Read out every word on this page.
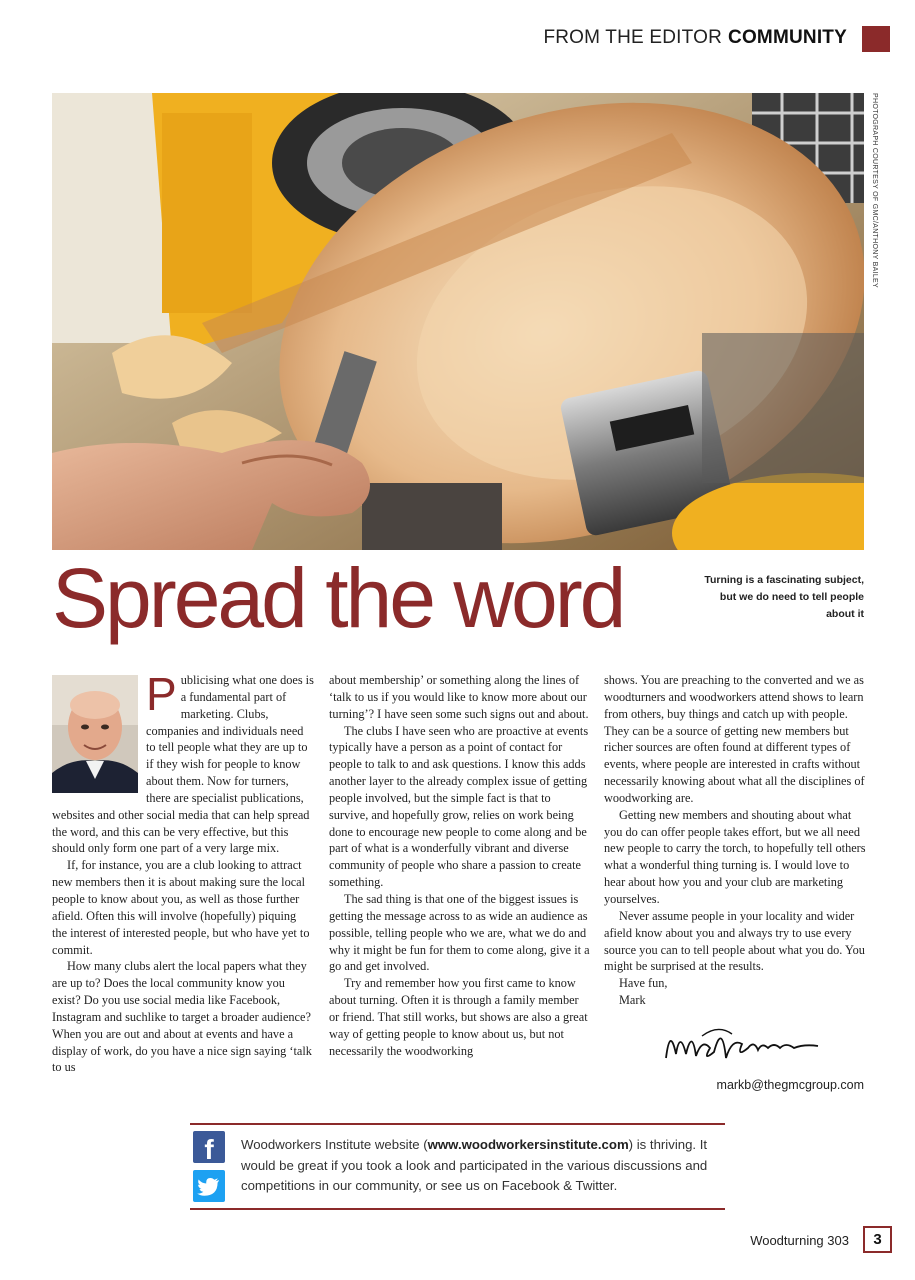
FROM THE EDITOR COMMUNITY
PHOTOGRAPH COURTESY OF GMC/ANTHONY BAILEY
Spread the word	Turning is a fascinating subject, but we do need to tell people about it
P ublicising what one does is a fundamental part of marketing. Clubs, companies and individuals need to tell people what they are up to if they wish for people to know about them. Now for turners, there are specialist publications, websites and other social media that can help spread the word, and this can be very effective, but this should only form one part of a very large mix.

If, for instance, you are a club looking to attract new members then it is about making sure the local people to know about you, as well as those further afield. Often this will involve (hopefully) piquing the interest of interested people, but who have yet to commit.

How many clubs alert the local papers what they are up to? Does the local community know you exist? Do you use social media like Facebook, Instagram and suchlike to target a broader audience? When you are out and about at events and have a display of work, do you have a nice sign saying ‘talk to us

about membership’ or something along the lines of ‘talk to us if you would like to know more about our turning’? I have seen some such signs out and about.

The clubs I have seen who are proactive at events typically have a person as a point of contact for people to talk to and ask questions. I know this adds another layer to the already complex issue of getting people involved, but the simple fact is that to survive, and hopefully grow, relies on work being done to encourage new people to come along and be part of what is a wonderfully vibrant and diverse community of people who share a passion to create something.

The sad thing is that one of the biggest issues is getting the message across to as wide an audience as possible, telling people who we are, what we do and why it might be fun for them to come along, give it a go and get involved.

Try and remember how you first came to know about turning. Often it is through a family member or friend. That still works, but shows are also a great way of getting people to know about us, but not necessarily the woodworking

shows. You are preaching to the converted and we as woodturners and woodworkers attend shows to learn from others, buy things and catch up with people. They can be a source of getting new members but richer sources are often found at different types of events, where people are interested in crafts without necessarily knowing about what all the disciplines of woodworking are.

Getting new members and shouting about what you do can offer people takes effort, but we all need new people to carry the torch, to hopefully tell others what a wonderful thing turning is. I would love to hear about how you and your club are marketing yourselves.

Never assume people in your locality and wider afield know about you and always try to use every source you can to tell people about what you do. You might be surprised at the results.

Have fun,

Mark

markb@thegmcgroup.com
f	Woodworkers Institute website (www.woodworkersinstitute.com) is thriving. It would be great if you took a look and participated in the various discussions and competitions in our community, or see us on Facebook & Twitter.
Woodturning 303	3
